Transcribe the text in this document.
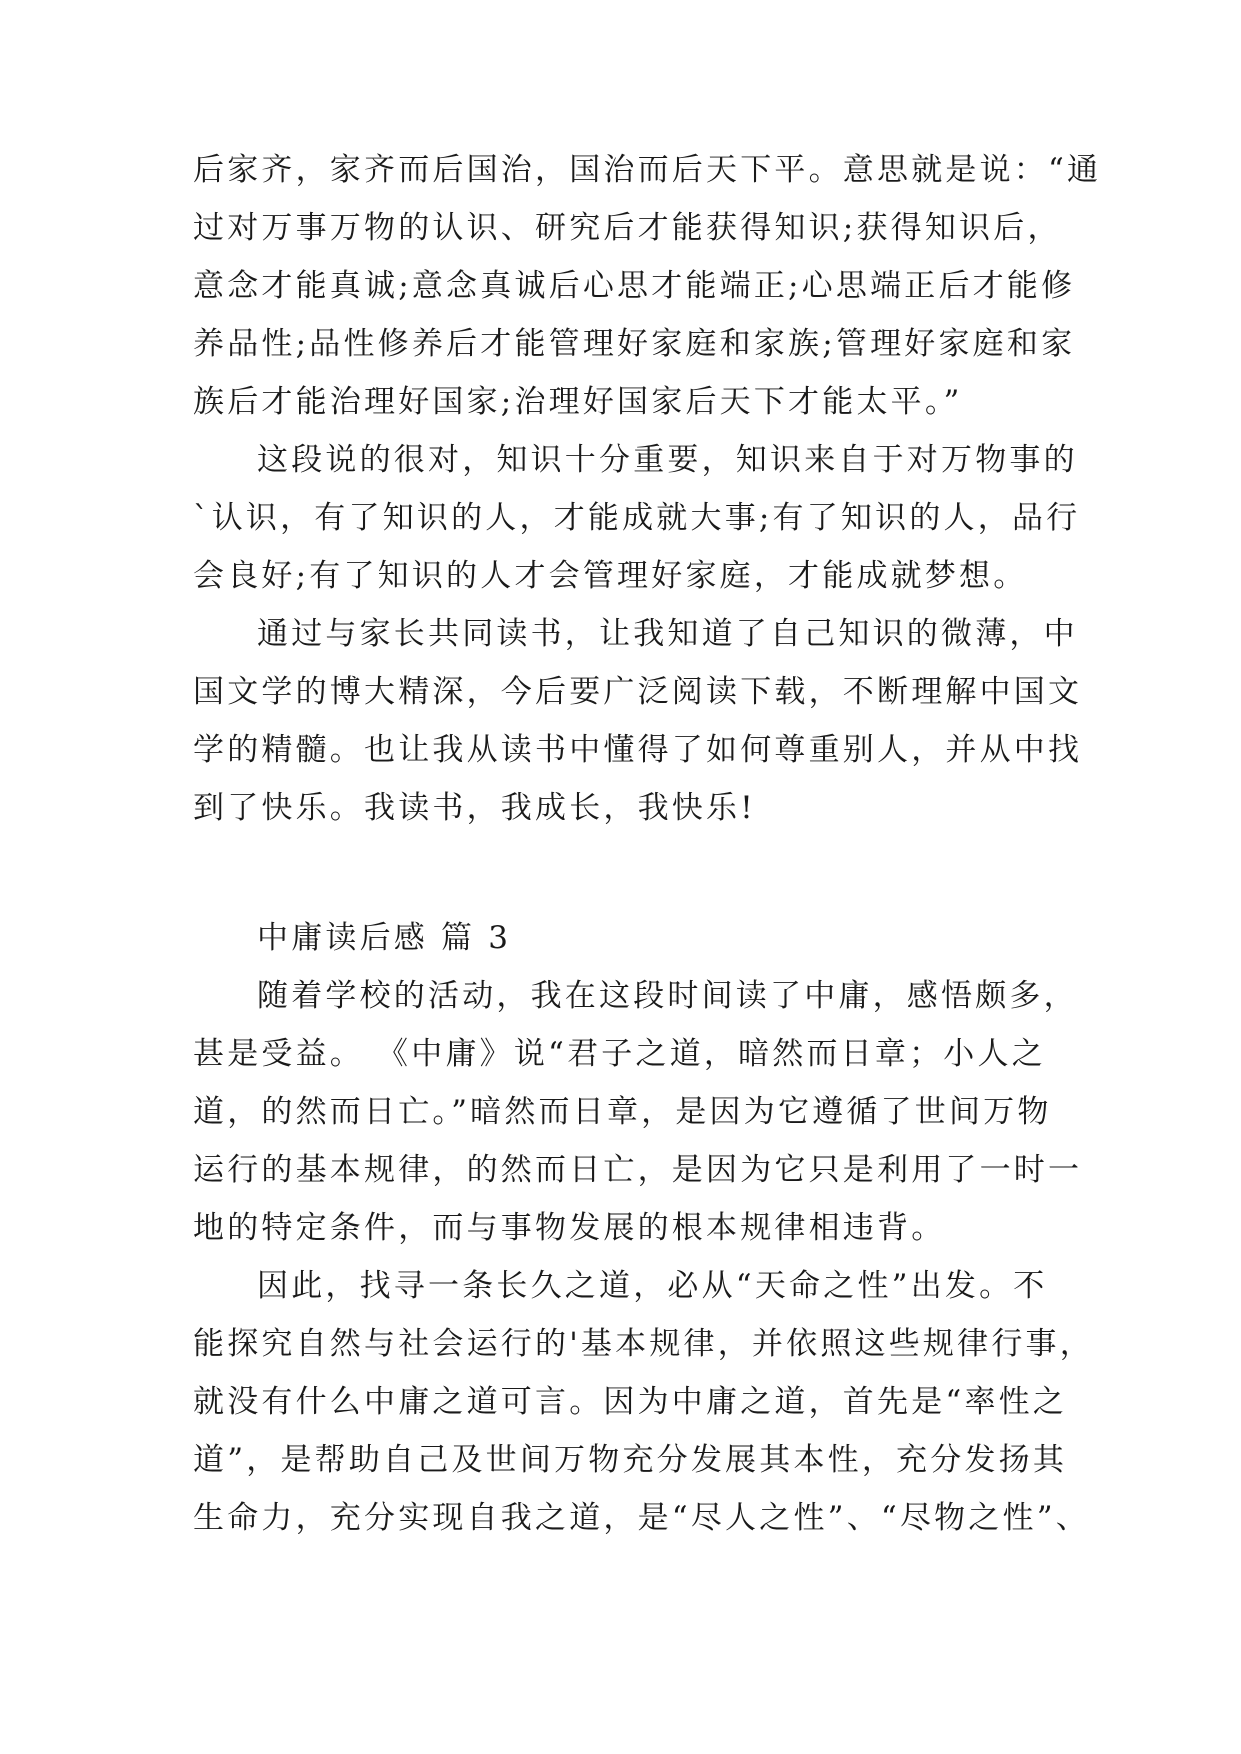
后家齐，家齐而后国治，国治而后天下平。意思就是说：“通
过对万事万物的认识、研究后才能获得知识;获得知识后，
意念才能真诚;意念真诚后心思才能端正;心思端正后才能修
养品性;品性修养后才能管理好家庭和家族;管理好家庭和家
族后才能治理好国家;治理好国家后天下才能太平。”
这段说的很对，知识十分重要，知识来自于对万物事的
`认识，有了知识的人，才能成就大事;有了知识的人，品行
会良好;有了知识的人才会管理好家庭，才能成就梦想。
通过与家长共同读书，让我知道了自己知识的微薄，中
国文学的博大精深，今后要广泛阅读下载，不断理解中国文
学的精髓。也让我从读书中懂得了如何尊重别人，并从中找
到了快乐。我读书，我成长，我快乐!
中庸读后感 篇 3
随着学校的活动，我在这段时间读了中庸，感悟颇多，
甚是受益。 《中庸》说“君子之道，暗然而日章；小人之
道，的然而日亡。”暗然而日章，是因为它遵循了世间万物
运行的基本规律，的然而日亡，是因为它只是利用了一时一
地的特定条件，而与事物发展的根本规律相违背。
因此，找寻一条长久之道，必从“天命之性”出发。不
能探究自然与社会运行的'基本规律，并依照这些规律行事，
就没有什么中庸之道可言。因为中庸之道，首先是“率性之
道”，是帮助自己及世间万物充分发展其本性，充分发扬其
生命力，充分实现自我之道，是“尽人之性”、“尽物之性”、
